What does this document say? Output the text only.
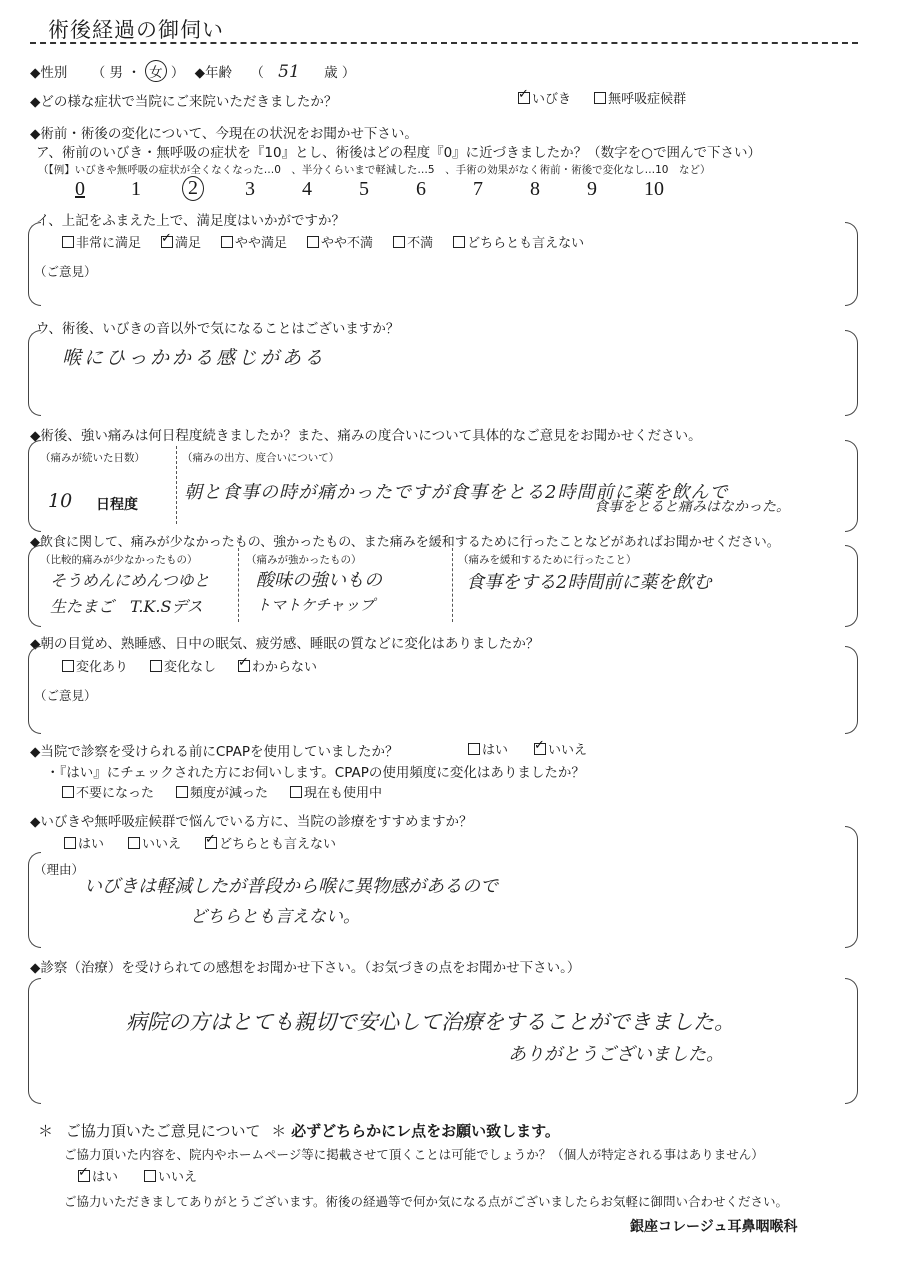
術後経過の御伺い
◆性別 （ 男 ・ 女 ） ◆年齢 （ 51 歳 ）
◆どの様な症状で当院にご来院いただきましたか？ ✓	いびき	無呼吸症候群
◆術前・術後の変化について、今現在の状況をお聞かせ下さい。
ア、術前のいびき・無呼吸の症状を『10』とし、術後はどの程度『0』に近づきましたか？（数字を○で囲んで下さい）
（【例】いびきや無呼吸の症状が全くなくなった…0　、半分くらいまで軽減した…5　、手術の効果がなく術前・術後で変化なし…10　など）
0 1	2	3 4 5 6 7 8 9 10
イ、上記をふまえた上で、満足度はいかがですか？
非常に満足 ✓	満足	やや満足	やや不満	不満	どちらとも言えない
（ご意見）
ウ、術後、いびきの音以外で気になることはございますか？
喉にひっかかる感じがある
◆術後、強い痛みは何日程度続きましたか？また、痛みの度合いについて具体的なご意見をお聞かせください。
（痛みが続いた日数）
10 日程度
（痛みの出方、度合いについて）
朝と食事の時が痛かったですが食事をとる2時間前に薬を飲んで
食事をとると痛みはなかった。
◆飲食に関して、痛みが少なかったもの、強かったもの、また痛みを緩和するために行ったことなどがあればお聞かせください。
（比較的痛みが少なかったもの）
そうめんにめんつゆと
生たまご　T.K.Sデス
（痛みが強かったもの）
酸味の強いもの
トマトケチャップ
（痛みを緩和するために行ったこと）
食事をする2時間前に薬を飲む
◆朝の目覚め、熟睡感、日中の眠気、疲労感、睡眠の質などに変化はありましたか？
変化あり	変化なし ✓	わからない
（ご意見）
◆当院で診察を受けられる前にCPAPを使用していましたか？	はい ✓	いいえ
・『はい』にチェックされた方にお伺いします。CPAPの使用頻度に変化はありましたか？
不要になった	頻度が減った	現在も使用中
◆いびきや無呼吸症候群で悩んでいる方に、当院の診療をすすめますか？
はい	いいえ ✓	どちらとも言えない
（理由）
いびきは軽減したが普段から喉に異物感があるので
どちらとも言えない。
◆診察（治療）を受けられての感想をお聞かせ下さい。（お気づきの点をお聞かせ下さい。）
病院の方はとても親切で安心して治療をすることができました。
ありがとうございました。
＊ ご協力頂いたご意見について ＊ 必ずどちらかにレ点をお願い致します。
ご協力頂いた内容を、院内やホームページ等に掲載させて頂くことは可能でしょうか？（個人が特定される事はありません）
✓はい	いいえ
ご協力いただきましてありがとうございます。術後の経過等で何か気になる点がございましたらお気軽に御問い合わせください。
銀座コレージュ耳鼻咽喉科
